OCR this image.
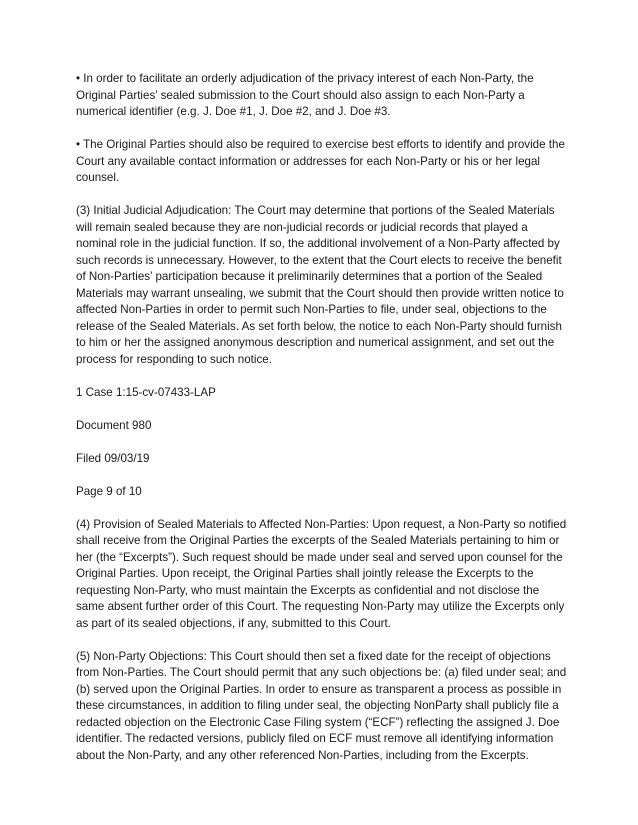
• In order to facilitate an orderly adjudication of the privacy interest of each Non-Party, the Original Parties’ sealed submission to the Court should also assign to each Non-Party a numerical identifier (e.g. J. Doe #1, J. Doe #2, and J. Doe #3.

• The Original Parties should also be required to exercise best efforts to identify and provide the Court any available contact information or addresses for each Non-Party or his or her legal counsel.

(3) Initial Judicial Adjudication: The Court may determine that portions of the Sealed Materials will remain sealed because they are non-judicial records or judicial records that played a nominal role in the judicial function. If so, the additional involvement of a Non-Party affected by such records is unnecessary. However, to the extent that the Court elects to receive the benefit of Non-Parties’ participation because it preliminarily determines that a portion of the Sealed Materials may warrant unsealing, we submit that the Court should then provide written notice to affected Non-Parties in order to permit such Non-Parties to file, under seal, objections to the release of the Sealed Materials. As set forth below, the notice to each Non-Party should furnish to him or her the assigned anonymous description and numerical assignment, and set out the process for responding to such notice.

1 Case 1:15-cv-07433-LAP

Document 980

Filed 09/03/19

Page 9 of 10

(4) Provision of Sealed Materials to Affected Non-Parties: Upon request, a Non-Party so notified shall receive from the Original Parties the excerpts of the Sealed Materials pertaining to him or her (the “Excerpts”). Such request should be made under seal and served upon counsel for the Original Parties. Upon receipt, the Original Parties shall jointly release the Excerpts to the requesting Non-Party, who must maintain the Excerpts as confidential and not disclose the same absent further order of this Court. The requesting Non-Party may utilize the Excerpts only as part of its sealed objections, if any, submitted to this Court.

(5) Non-Party Objections: This Court should then set a fixed date for the receipt of objections from Non-Parties. The Court should permit that any such objections be: (a) filed under seal; and (b) served upon the Original Parties. In order to ensure as transparent a process as possible in these circumstances, in addition to filing under seal, the objecting NonParty shall publicly file a redacted objection on the Electronic Case Filing system (“ECF”) reflecting the assigned J. Doe identifier. The redacted versions, publicly filed on ECF must remove all identifying information about the Non-Party, and any other referenced Non-Parties, including from the Excerpts.
